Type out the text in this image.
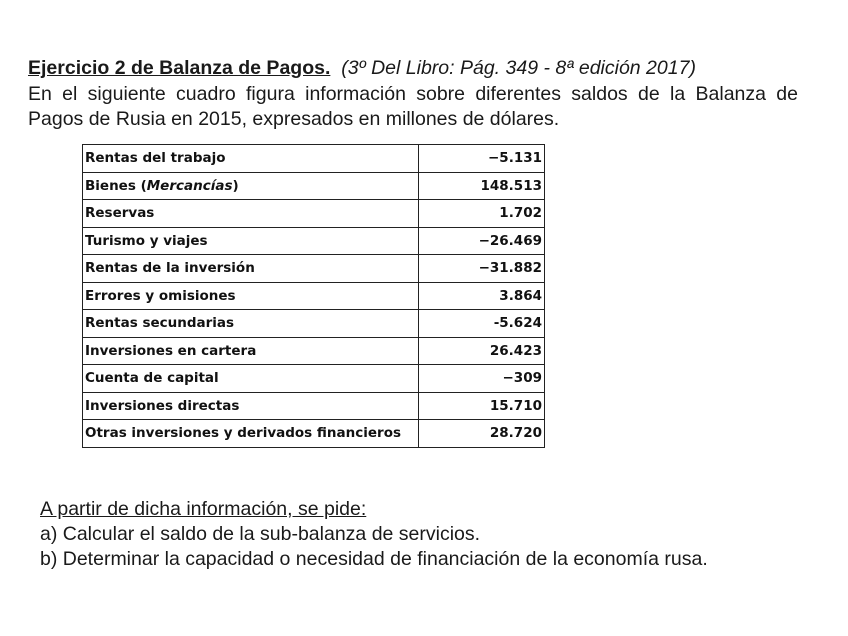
Ejercicio 2 de Balanza de Pagos. (3º Del Libro: Pág. 349 - 8ª edición 2017)
En el siguiente cuadro figura información sobre diferentes saldos de la Balanza de Pagos de Rusia en 2015, expresados en millones de dólares.
Rentas del trabajo	−5.131
Bienes (Mercancías)	148.513
Reservas	1.702
Turismo y viajes	−26.469
Rentas de la inversión	−31.882
Errores y omisiones	3.864
Rentas secundarias	-5.624
Inversiones en cartera	26.423
Cuenta de capital	−309
Inversiones directas	15.710
Otras inversiones y derivados financieros	28.720
A partir de dicha información, se pide:
a) Calcular el saldo de la sub-balanza de servicios.
b) Determinar la capacidad o necesidad de financiación de la economía rusa.
